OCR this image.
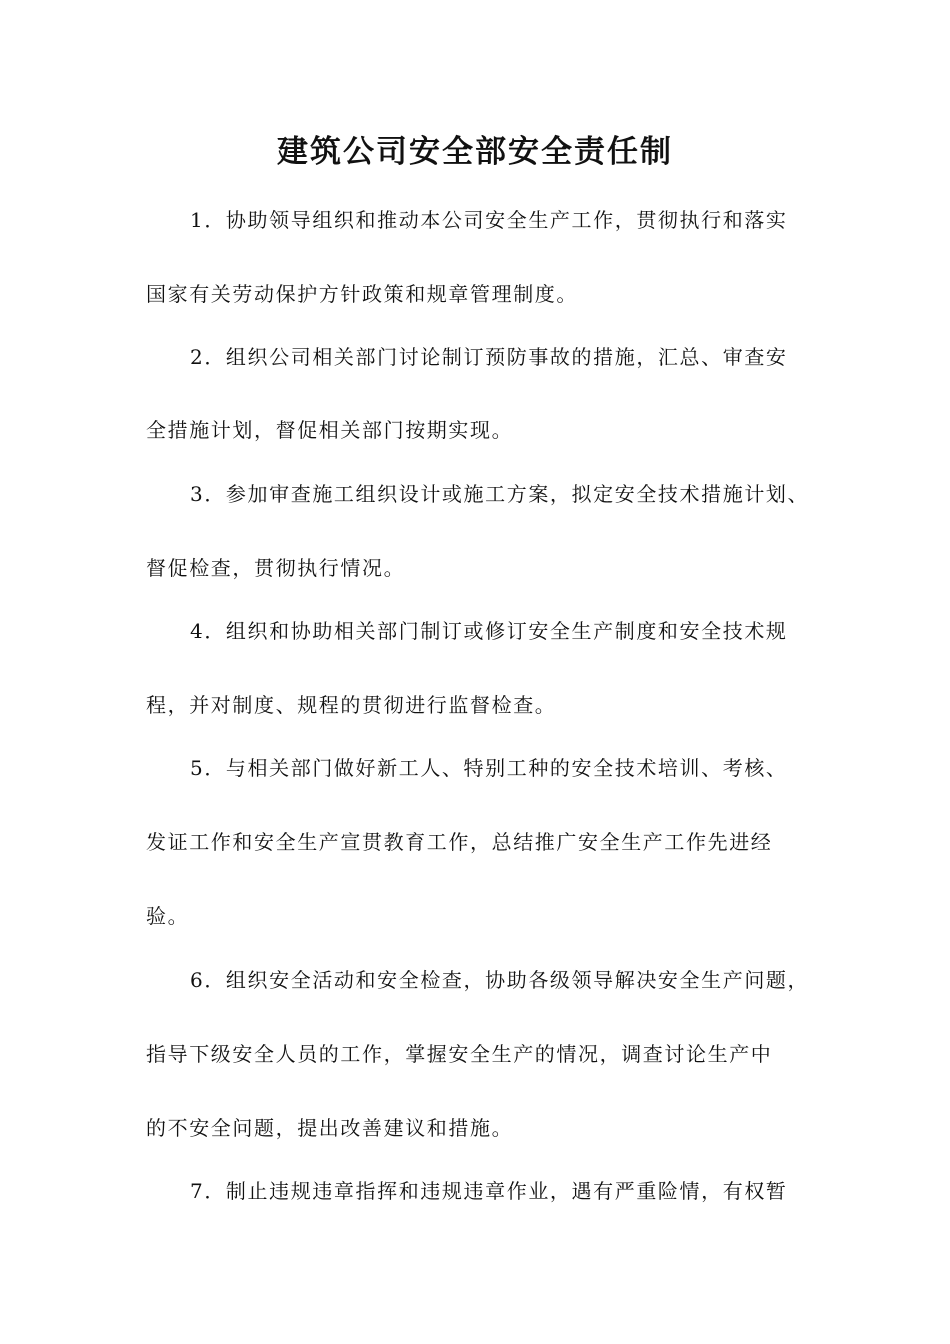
建筑公司安全部安全责任制
1．协助领导组织和推动本公司安全生产工作，贯彻执行和落实
国家有关劳动保护方针政策和规章管理制度。
2．组织公司相关部门讨论制订预防事故的措施，汇总、审查安
全措施计划，督促相关部门按期实现。
3．参加审查施工组织设计或施工方案，拟定安全技术措施计划、
督促检查，贯彻执行情况。
4．组织和协助相关部门制订或修订安全生产制度和安全技术规
程，并对制度、规程的贯彻进行监督检查。
5．与相关部门做好新工人、特别工种的安全技术培训、考核、
发证工作和安全生产宣贯教育工作，总结推广安全生产工作先进经
验。
6．组织安全活动和安全检查，协助各级领导解决安全生产问题，
指导下级安全人员的工作，掌握安全生产的情况，调查讨论生产中
的不安全问题，提出改善建议和措施。
7．制止违规违章指挥和违规违章作业，遇有严重险情，有权暂
